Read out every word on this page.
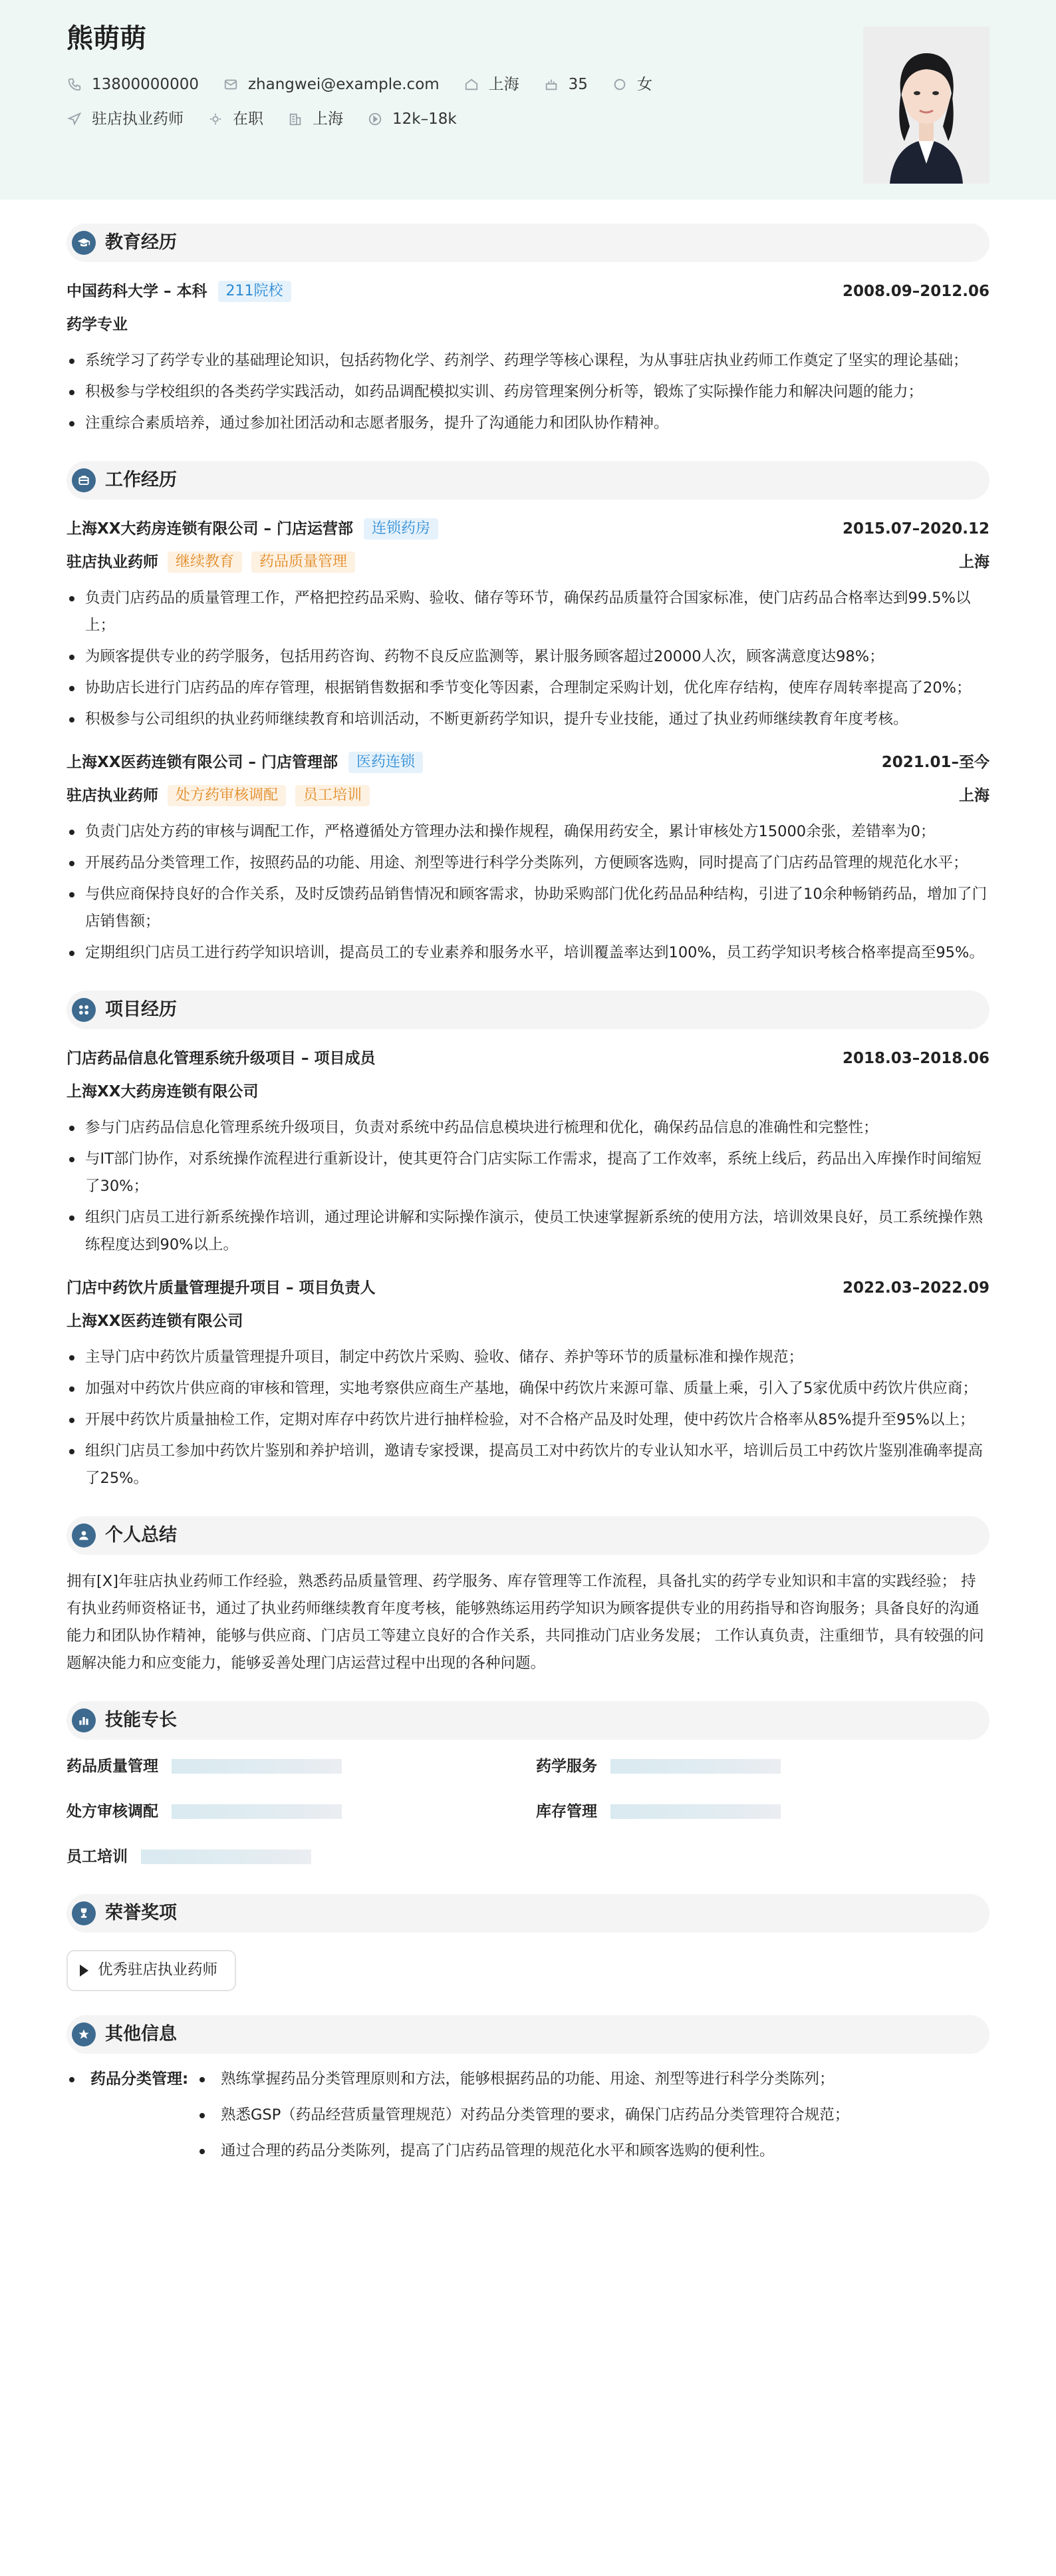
熊萌萌
13800000000	zhangwei@example.com	上海	35	女
驻店执业药师	在职	上海	12k–18k
教育经历
中国药科大学 – 本科	211院校	2008.09–2012.06
药学专业
系统学习了药学专业的基础理论知识，包括药物化学、药剂学、药理学等核心课程，为从事驻店执业药师工作奠定了坚实的理论基础；
积极参与学校组织的各类药学实践活动，如药品调配模拟实训、药房管理案例分析等，锻炼了实际操作能力和解决问题的能力；
注重综合素质培养，通过参加社团活动和志愿者服务，提升了沟通能力和团队协作精神。
工作经历
上海XX大药房连锁有限公司 – 门店运营部	连锁药房	2015.07–2020.12
驻店执业药师	继续教育	药品质量管理	上海
负责门店药品的质量管理工作，严格把控药品采购、验收、储存等环节，确保药品质量符合国家标准，使门店药品合格率达到99.5%以上；
为顾客提供专业的药学服务，包括用药咨询、药物不良反应监测等，累计服务顾客超过20000人次，顾客满意度达98%；
协助店长进行门店药品的库存管理，根据销售数据和季节变化等因素，合理制定采购计划，优化库存结构，使库存周转率提高了20%；
积极参与公司组织的执业药师继续教育和培训活动，不断更新药学知识，提升专业技能，通过了执业药师继续教育年度考核。
上海XX医药连锁有限公司 – 门店管理部	医药连锁	2021.01–至今
驻店执业药师	处方药审核调配	员工培训	上海
负责门店处方药的审核与调配工作，严格遵循处方管理办法和操作规程，确保用药安全，累计审核处方15000余张，差错率为0；
开展药品分类管理工作，按照药品的功能、用途、剂型等进行科学分类陈列，方便顾客选购，同时提高了门店药品管理的规范化水平；
与供应商保持良好的合作关系，及时反馈药品销售情况和顾客需求，协助采购部门优化药品品种结构，引进了10余种畅销药品，增加了门店销售额；
定期组织门店员工进行药学知识培训，提高员工的专业素养和服务水平，培训覆盖率达到100%，员工药学知识考核合格率提高至95%。
项目经历
门店药品信息化管理系统升级项目 – 项目成员	2018.03–2018.06
上海XX大药房连锁有限公司
参与门店药品信息化管理系统升级项目，负责对系统中药品信息模块进行梳理和优化，确保药品信息的准确性和完整性；
与IT部门协作，对系统操作流程进行重新设计，使其更符合门店实际工作需求，提高了工作效率，系统上线后，药品出入库操作时间缩短了30%；
组织门店员工进行新系统操作培训，通过理论讲解和实际操作演示，使员工快速掌握新系统的使用方法，培训效果良好，员工系统操作熟练程度达到90%以上。
门店中药饮片质量管理提升项目 – 项目负责人	2022.03–2022.09
上海XX医药连锁有限公司
主导门店中药饮片质量管理提升项目，制定中药饮片采购、验收、储存、养护等环节的质量标准和操作规范；
加强对中药饮片供应商的审核和管理，实地考察供应商生产基地，确保中药饮片来源可靠、质量上乘，引入了5家优质中药饮片供应商；
开展中药饮片质量抽检工作，定期对库存中药饮片进行抽样检验，对不合格产品及时处理，使中药饮片合格率从85%提升至95%以上；
组织门店员工参加中药饮片鉴别和养护培训，邀请专家授课，提高员工对中药饮片的专业认知水平，培训后员工中药饮片鉴别准确率提高了25%。
个人总结
拥有[X]年驻店执业药师工作经验，熟悉药品质量管理、药学服务、库存管理等工作流程，具备扎实的药学专业知识和丰富的实践经验； 持有执业药师资格证书，通过了执业药师继续教育年度考核，能够熟练运用药学知识为顾客提供专业的用药指导和咨询服务；具备良好的沟通能力和团队协作精神，能够与供应商、门店员工等建立良好的合作关系，共同推动门店业务发展； 工作认真负责，注重细节，具有较强的问题解决能力和应变能力，能够妥善处理门店运营过程中出现的各种问题。
技能专长
药品质量管理	药学服务
处方审核调配	库存管理
员工培训
荣誉奖项
优秀驻店执业药师
其他信息
药品分类管理:	熟练掌握药品分类管理原则和方法，能够根据药品的功能、用途、剂型等进行科学分类陈列；
熟悉GSP（药品经营质量管理规范）对药品分类管理的要求，确保门店药品分类管理符合规范；
通过合理的药品分类陈列，提高了门店药品管理的规范化水平和顾客选购的便利性。
